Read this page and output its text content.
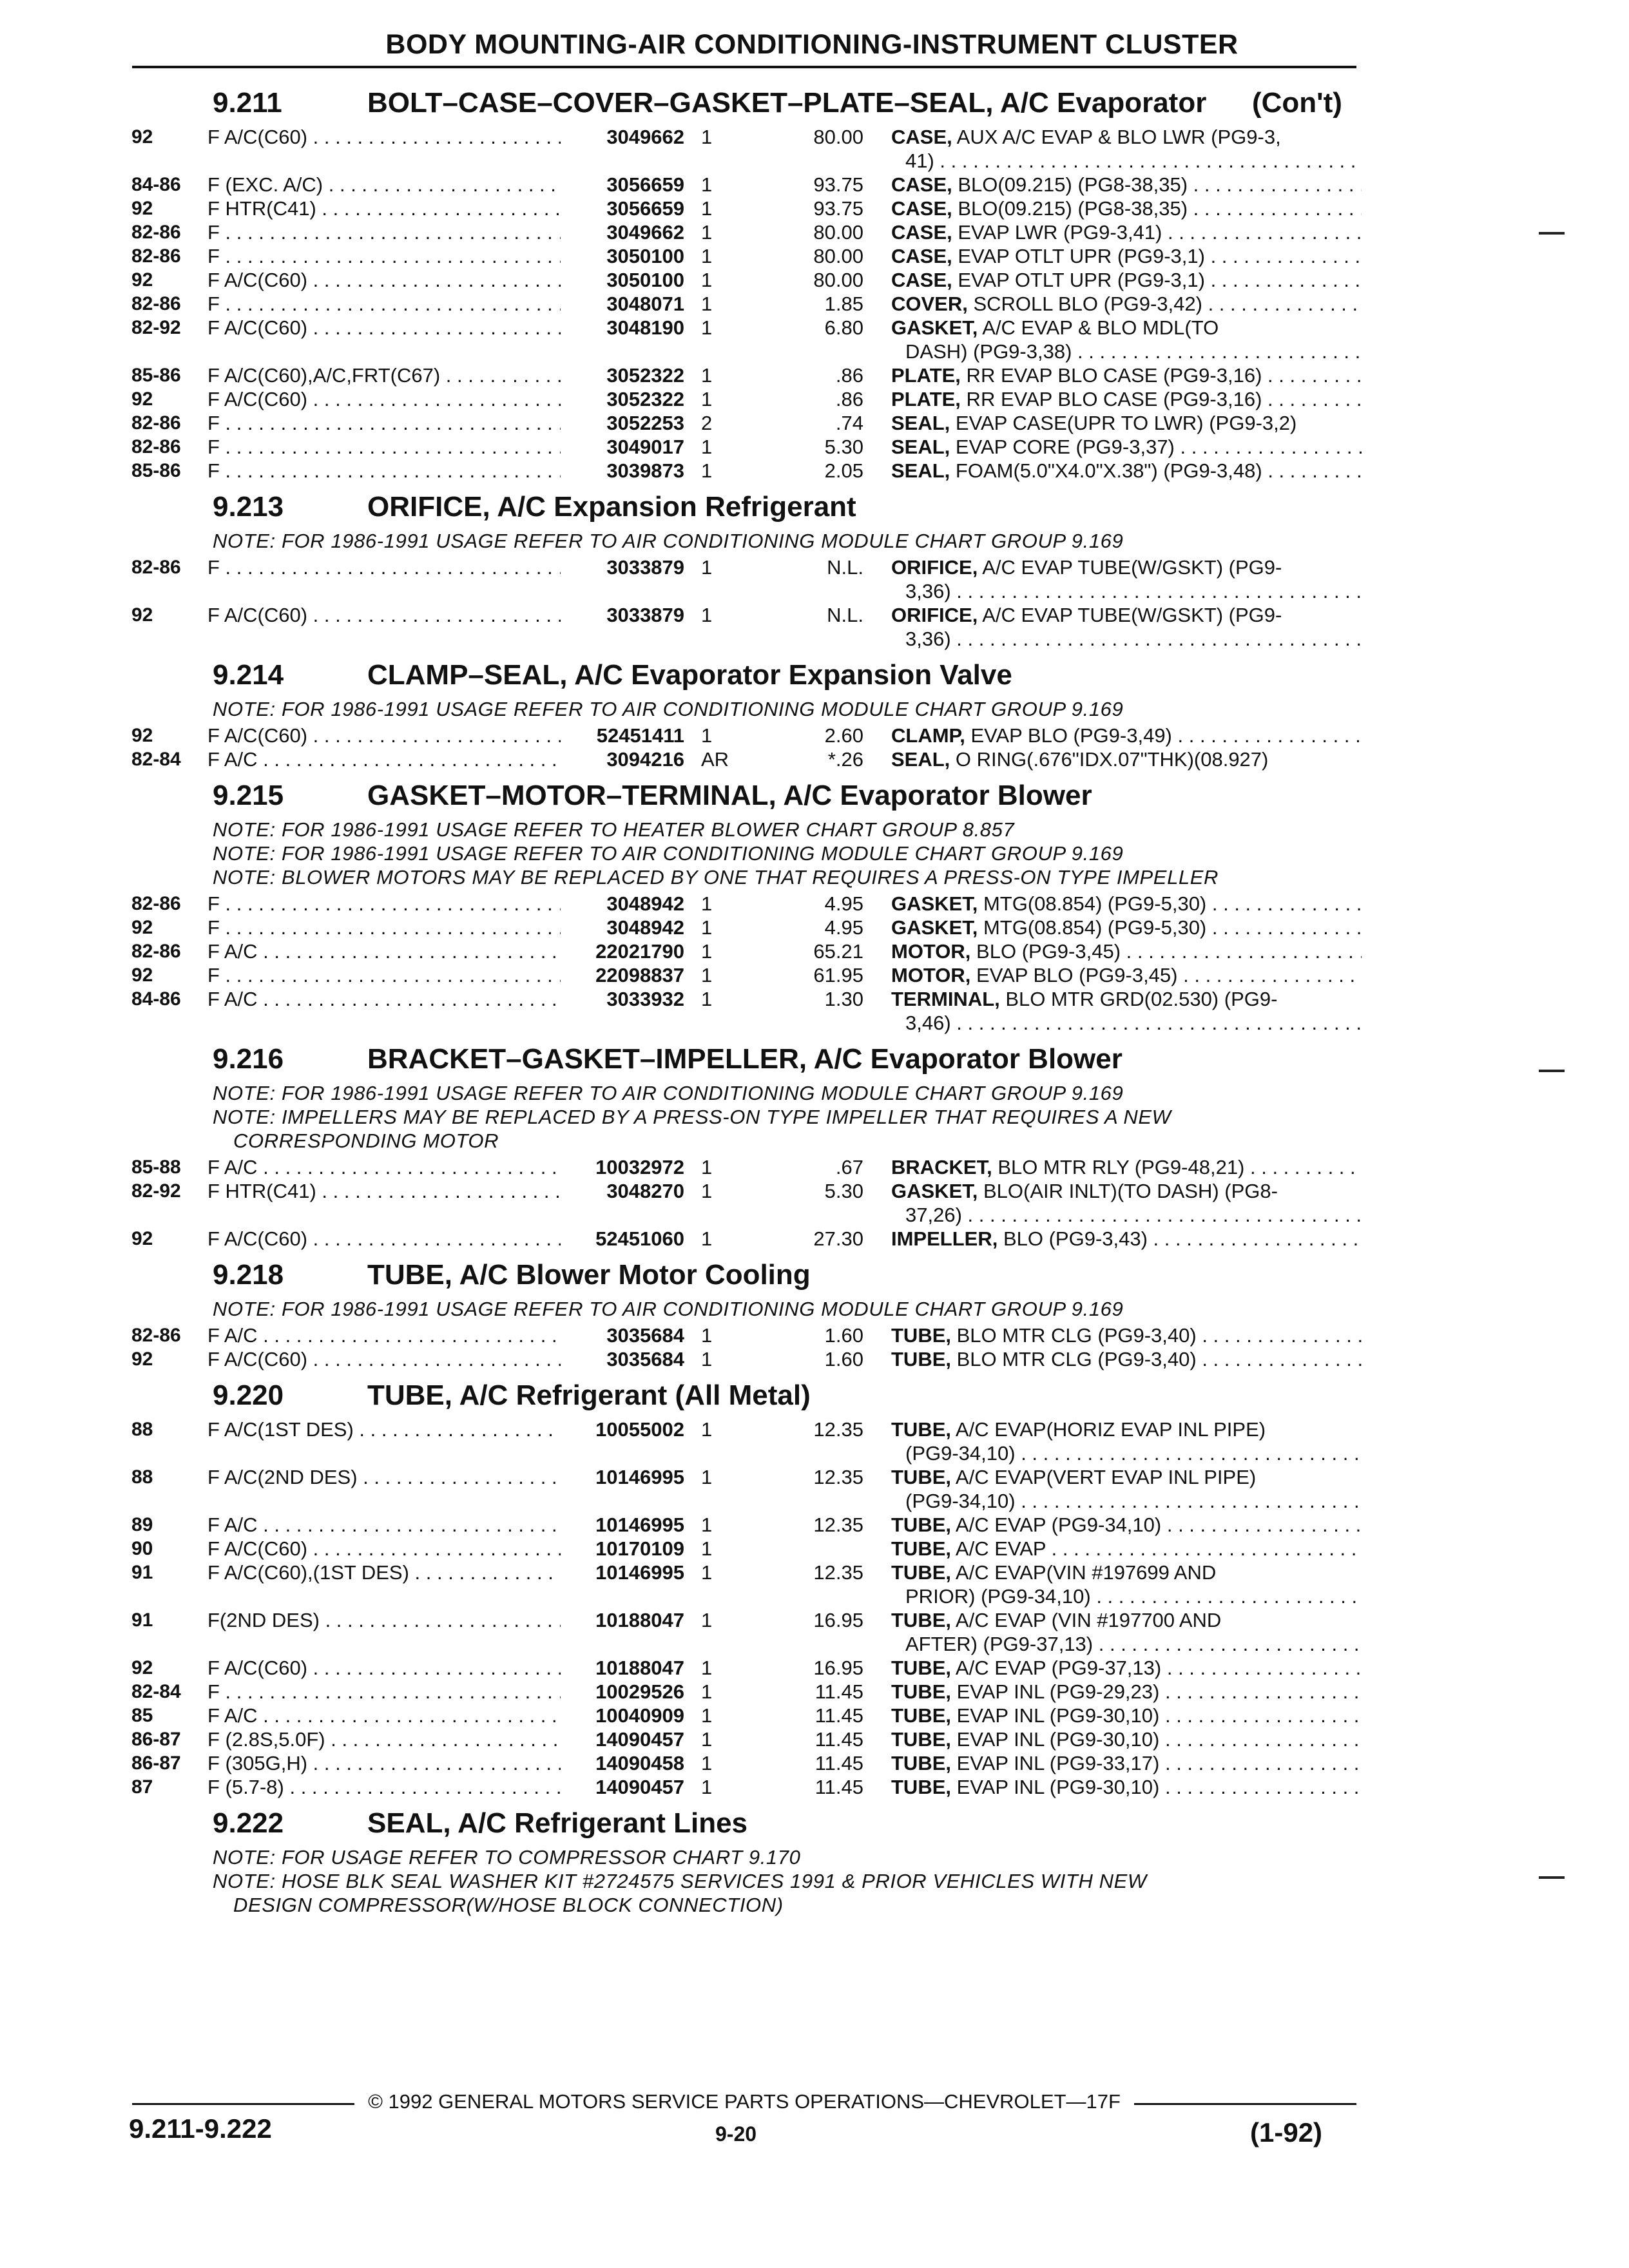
BODY MOUNTING-AIR CONDITIONING-INSTRUMENT CLUSTER
9.211	BOLT–CASE–COVER–GASKET–PLATE–SEAL, A/C Evaporator (Con't)
92	F A/C(C60) . . .	3049662 1	80.00 CASE, AUX A/C EVAP & BLO LWR (PG9-3,
41) . . .
84-86 F (EXC. A/C) . . .	3056659 1	93.75 CASE, BLO(09.215) (PG8-38,35) . . .
92	F HTR(C41) . . .	3056659 1	93.75 CASE, BLO(09.215) (PG8-38,35) . . .
82-86 F . . .	3049662 1	80.00 CASE, EVAP LWR (PG9-3,41) . . .
82-86 F . . .	3050100 1	80.00 CASE, EVAP OTLT UPR (PG9-3,1) . . .
92	F A/C(C60) . . .	3050100 1	80.00 CASE, EVAP OTLT UPR (PG9-3,1) . . .
82-86 F . . .	3048071 1	1.85 COVER, SCROLL BLO (PG9-3,42) . . .
82-92 F A/C(C60) . . .	3048190 1	6.80 GASKET, A/C EVAP & BLO MDL(TO
DASH) (PG9-3,38) . . .
85-86 F A/C(C60),A/C,FRT(C67) . . .	3052322 1	.86 PLATE, RR EVAP BLO CASE (PG9-3,16) . . .
92	F A/C(C60) . . .	3052322 1	.86 PLATE, RR EVAP BLO CASE (PG9-3,16) . . .
82-86 F . . .	3052253 2	.74 SEAL, EVAP CASE(UPR TO LWR) (PG9-3,2)
82-86 F . . .	3049017 1	5.30 SEAL, EVAP CORE (PG9-3,37) . . .
85-86 F . . .	3039873 1	2.05 SEAL, FOAM(5.0"X4.0"X.38") (PG9-3,48) . . .
9.213	ORIFICE, A/C Expansion Refrigerant
NOTE: FOR 1986-1991 USAGE REFER TO AIR CONDITIONING MODULE CHART GROUP 9.169
82-86 F . . .	3033879 1	N.L. ORIFICE, A/C EVAP TUBE(W/GSKT) (PG9-
3,36) . . .
92	F A/C(C60) . . .	3033879 1	N.L. ORIFICE, A/C EVAP TUBE(W/GSKT) (PG9-
3,36) . . .
9.214	CLAMP–SEAL, A/C Evaporator Expansion Valve
NOTE: FOR 1986-1991 USAGE REFER TO AIR CONDITIONING MODULE CHART GROUP 9.169
92	F A/C(C60) . . .	52451411 1	2.60 CLAMP, EVAP BLO (PG9-3,49) . . .
82-84 F A/C . . .	3094216 AR	*.26 SEAL, O RING(.676"IDX.07"THK)(08.927)
9.215	GASKET–MOTOR–TERMINAL, A/C Evaporator Blower
NOTE: FOR 1986-1991 USAGE REFER TO HEATER BLOWER CHART GROUP 8.857
NOTE: FOR 1986-1991 USAGE REFER TO AIR CONDITIONING MODULE CHART GROUP 9.169
NOTE: BLOWER MOTORS MAY BE REPLACED BY ONE THAT REQUIRES A PRESS-ON TYPE IMPELLER
82-86 F . . .	3048942 1	4.95 GASKET, MTG(08.854) (PG9-5,30) . . .
92	F . . .	3048942 1	4.95 GASKET, MTG(08.854) (PG9-5,30) . . .
82-86 F A/C . . .	22021790 1	65.21 MOTOR, BLO (PG9-3,45) . . .
92	F . . .	22098837 1	61.95 MOTOR, EVAP BLO (PG9-3,45) . . .
84-86 F A/C . . .	3033932 1	1.30 TERMINAL, BLO MTR GRD(02.530) (PG9-
3,46) . . .
9.216	BRACKET–GASKET–IMPELLER, A/C Evaporator Blower
NOTE: FOR 1986-1991 USAGE REFER TO AIR CONDITIONING MODULE CHART GROUP 9.169
NOTE: IMPELLERS MAY BE REPLACED BY A PRESS-ON TYPE IMPELLER THAT REQUIRES A NEW
CORRESPONDING MOTOR
85-88 F A/C . . .	10032972 1	.67 BRACKET, BLO MTR RLY (PG9-48,21) . . .
82-92 F HTR(C41) . . .	3048270 1	5.30 GASKET, BLO(AIR INLT)(TO DASH) (PG8-
37,26) . . .
92	F A/C(C60) . . .	52451060 1	27.30 IMPELLER, BLO (PG9-3,43) . . .
9.218	TUBE, A/C Blower Motor Cooling
NOTE: FOR 1986-1991 USAGE REFER TO AIR CONDITIONING MODULE CHART GROUP 9.169
82-86 F A/C . . .	3035684 1	1.60 TUBE, BLO MTR CLG (PG9-3,40) . . .
92	F A/C(C60) . . .	3035684 1	1.60 TUBE, BLO MTR CLG (PG9-3,40) . . .
9.220	TUBE, A/C Refrigerant (All Metal)
88	F A/C(1ST DES) . . .	10055002 1	12.35 TUBE, A/C EVAP(HORIZ EVAP INL PIPE)
(PG9-34,10) . . .
88	F A/C(2ND DES) . . .	10146995 1	12.35 TUBE, A/C EVAP(VERT EVAP INL PIPE)
(PG9-34,10) . . .
89	F A/C . . .	10146995 1	12.35 TUBE, A/C EVAP (PG9-34,10) . . .
90	F A/C(C60) . . .	10170109 1	TUBE, A/C EVAP . . .
91	F A/C(C60),(1ST DES) . . .	10146995 1	12.35 TUBE, A/C EVAP(VIN #197699 AND
PRIOR) (PG9-34,10) . . .
91	F(2ND DES) . . .	10188047 1	16.95 TUBE, A/C EVAP (VIN #197700 AND
AFTER) (PG9-37,13) . . .
92	F A/C(C60) . . .	10188047 1	16.95 TUBE, A/C EVAP (PG9-37,13) . . .
82-84 F . . .	10029526 1	11.45 TUBE, EVAP INL (PG9-29,23) . . .
85	F A/C . . .	10040909 1	11.45 TUBE, EVAP INL (PG9-30,10) . . .
86-87 F (2.8S,5.0F) . . .	14090457 1	11.45 TUBE, EVAP INL (PG9-30,10) . . .
86-87 F (305G,H) . . .	14090458 1	11.45 TUBE, EVAP INL (PG9-33,17) . . .
87	F (5.7-8) . . .	14090457 1	11.45 TUBE, EVAP INL (PG9-30,10) . . .
9.222	SEAL, A/C Refrigerant Lines
NOTE: FOR USAGE REFER TO COMPRESSOR CHART 9.170
NOTE: HOSE BLK SEAL WASHER KIT #2724575 SERVICES 1991 & PRIOR VEHICLES WITH NEW
DESIGN COMPRESSOR(W/HOSE BLOCK CONNECTION)
© 1992 GENERAL MOTORS SERVICE PARTS OPERATIONS—CHEVROLET—17F
9.211-9.222	9-20	(1-92)
